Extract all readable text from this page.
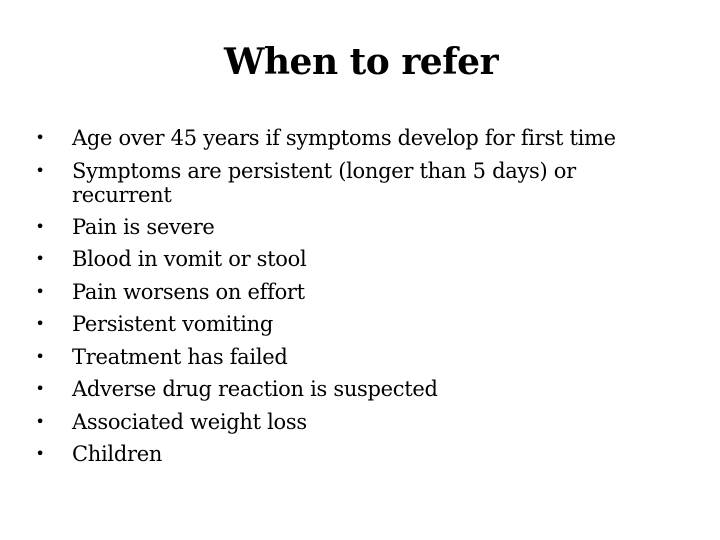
When to refer
• Age over 45 years if symptoms develop for first time
• Symptoms are persistent (longer than 5 days) or recurrent
• Pain is severe
• Blood in vomit or stool
• Pain worsens on effort
• Persistent vomiting
• Treatment has failed
• Adverse drug reaction is suspected
• Associated weight loss
• Children
